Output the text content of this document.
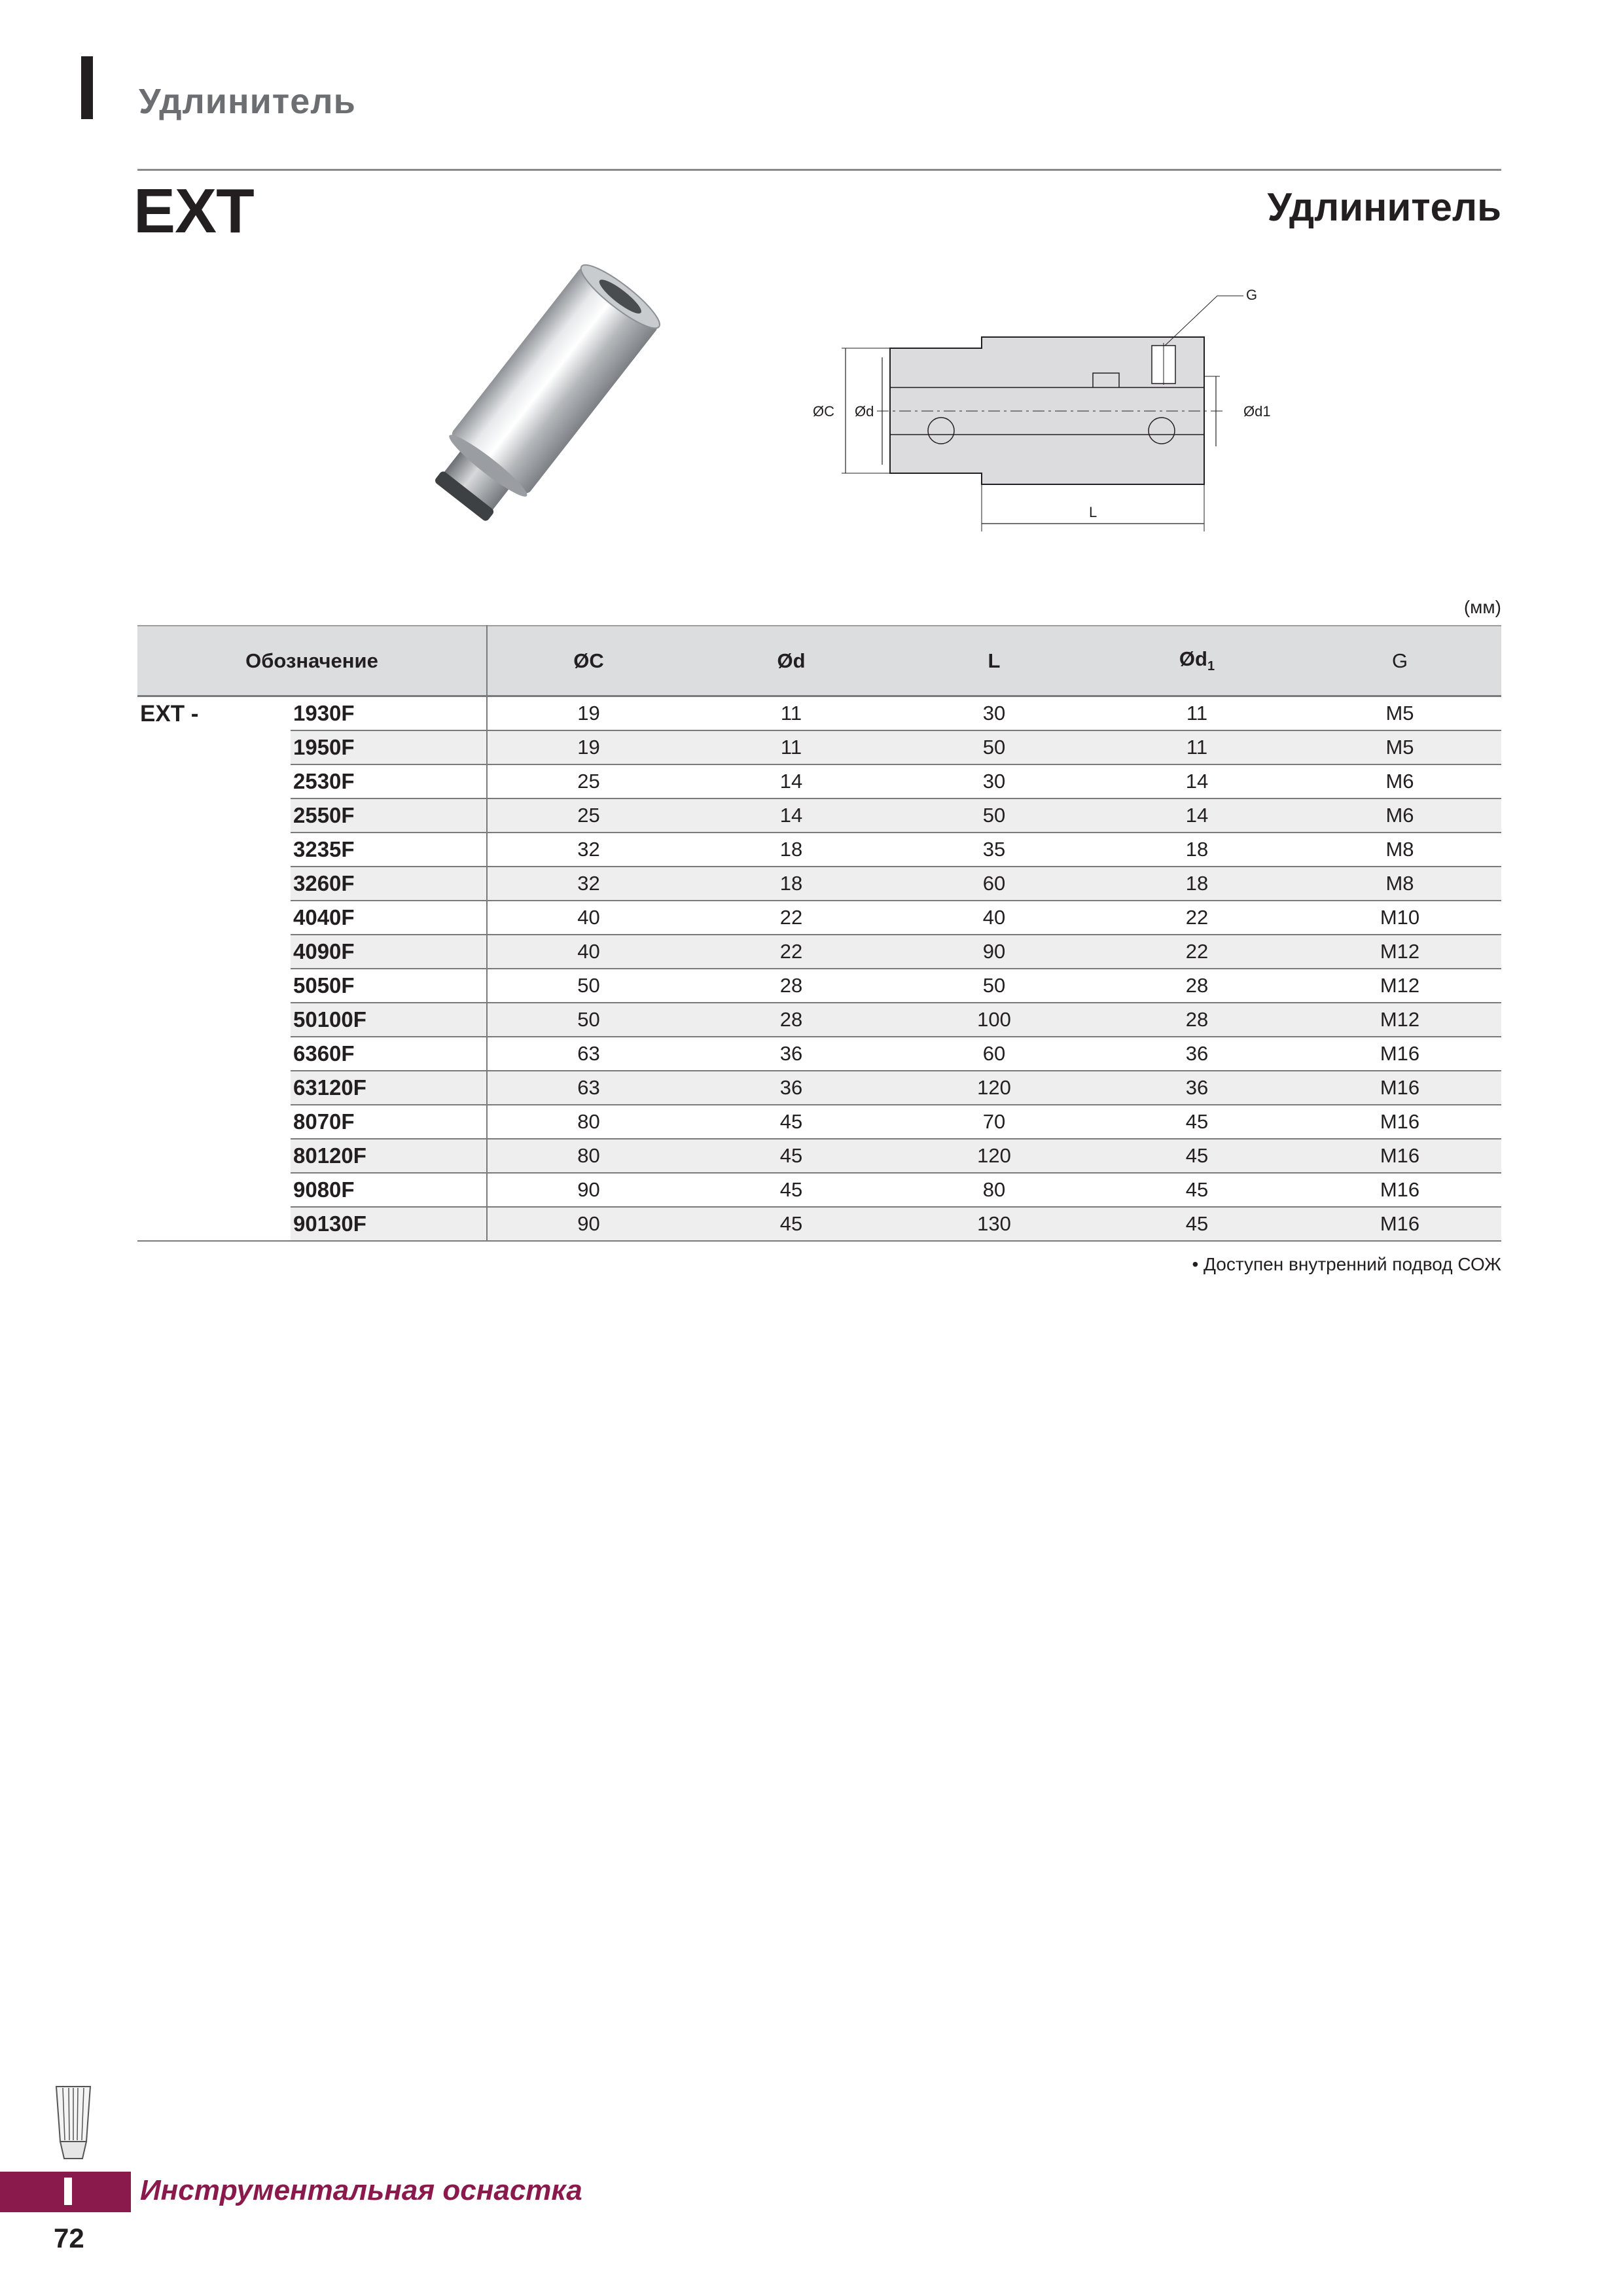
Удлинитель
EXT	Удлинитель
ØC Ød	Ød1
L
G
(мм)
Обозначение		ØC	Ød	L	$Ød_1$	G
EXT -	1930F	19	11	30	11	M5
	1950F	19	11	50	11	M5
	2530F	25	14	30	14	M6
	2550F	25	14	50	14	M6
	3235F	32	18	35	18	M8
	3260F	32	18	60	18	M8
	4040F	40	22	40	22	M10
	4090F	40	22	90	22	M12
	5050F	50	28	50	28	M12
	50100F	50	28	100	28	M12
	6360F	63	36	60	36	M16
	63120F	63	36	120	36	M16
	8070F	80	45	70	45	M16
	80120F	80	45	120	45	M16
	9080F	90	45	80	45	M16
	90130F	90	45	130	45	M16
• Доступен внутренний подвод СОЖ
Инструментальная оснастка
72
